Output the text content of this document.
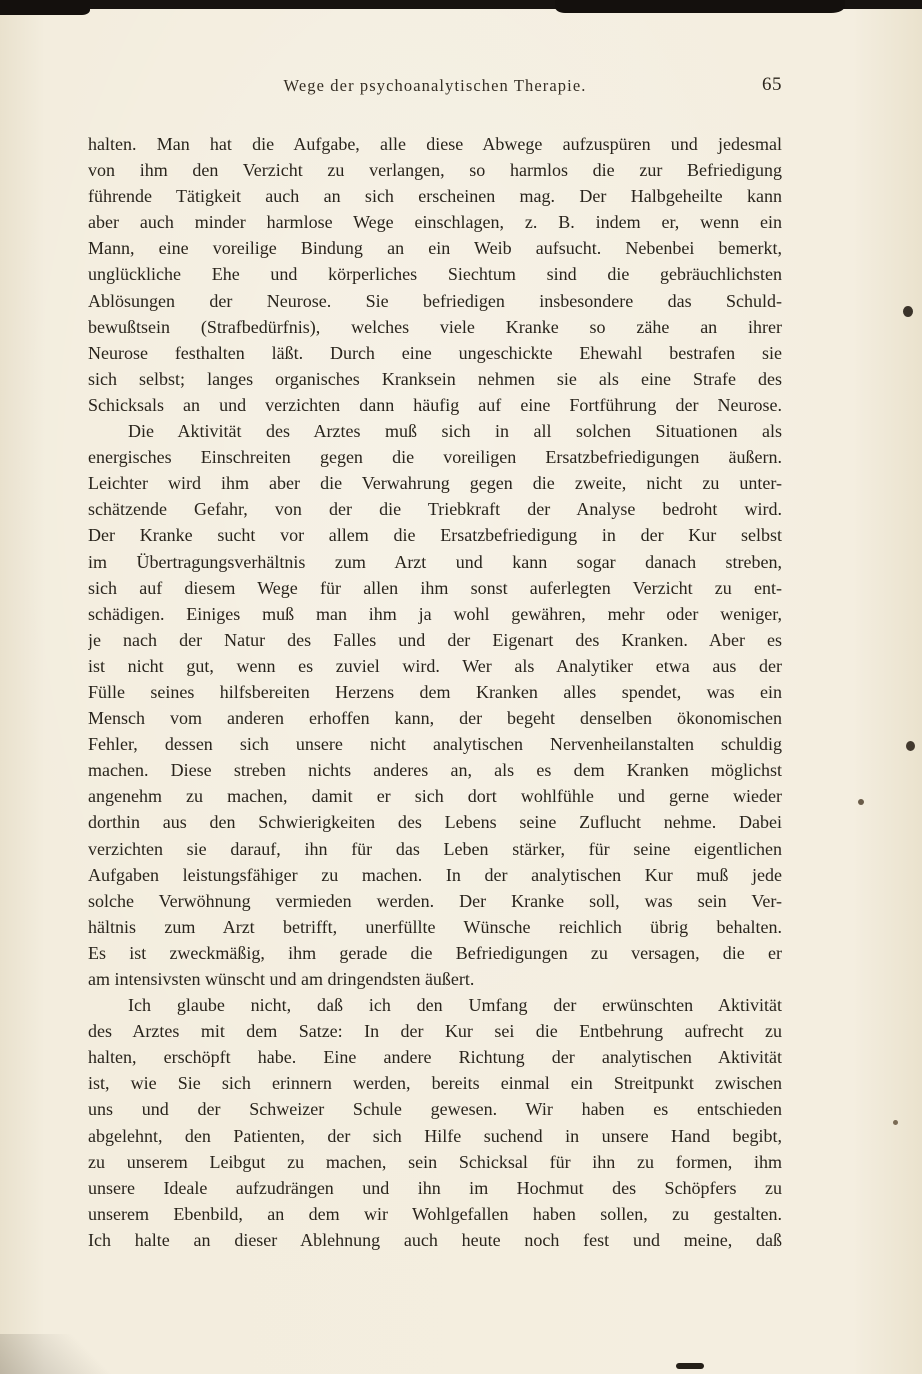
Wege der psychoanalytischen Therapie.	65
halten. Man hat die Aufgabe, alle diese Abwege aufzuspüren und jedesmal
von ihm den Verzicht zu verlangen, so harmlos die zur Befriedigung
führende Tätigkeit auch an sich erscheinen mag. Der Halbgeheilte kann
aber auch minder harmlose Wege einschlagen, z. B. indem er, wenn ein
Mann, eine voreilige Bindung an ein Weib aufsucht. Nebenbei bemerkt,
unglückliche Ehe und körperliches Siechtum sind die gebräuchlichsten
Ablösungen der Neurose. Sie befriedigen insbesondere das Schuld-
bewußtsein (Strafbedürfnis), welches viele Kranke so zähe an ihrer
Neurose festhalten läßt. Durch eine ungeschickte Ehewahl bestrafen sie
sich selbst; langes organisches Kranksein nehmen sie als eine Strafe des
Schicksals an und verzichten dann häufig auf eine Fortführung der Neurose.
Die Aktivität des Arztes muß sich in all solchen Situationen als
energisches Einschreiten gegen die voreiligen Ersatzbefriedigungen äußern.
Leichter wird ihm aber die Verwahrung gegen die zweite, nicht zu unter-
schätzende Gefahr, von der die Triebkraft der Analyse bedroht wird.
Der Kranke sucht vor allem die Ersatzbefriedigung in der Kur selbst
im Übertragungsverhältnis zum Arzt und kann sogar danach streben,
sich auf diesem Wege für allen ihm sonst auferlegten Verzicht zu ent-
schädigen. Einiges muß man ihm ja wohl gewähren, mehr oder weniger,
je nach der Natur des Falles und der Eigenart des Kranken. Aber es
ist nicht gut, wenn es zuviel wird. Wer als Analytiker etwa aus der
Fülle seines hilfsbereiten Herzens dem Kranken alles spendet, was ein
Mensch vom anderen erhoffen kann, der begeht denselben ökonomischen
Fehler, dessen sich unsere nicht analytischen Nervenheilanstalten schuldig
machen. Diese streben nichts anderes an, als es dem Kranken möglichst
angenehm zu machen, damit er sich dort wohlfühle und gerne wieder
dorthin aus den Schwierigkeiten des Lebens seine Zuflucht nehme. Dabei
verzichten sie darauf, ihn für das Leben stärker, für seine eigentlichen
Aufgaben leistungsfähiger zu machen. In der analytischen Kur muß jede
solche Verwöhnung vermieden werden. Der Kranke soll, was sein Ver-
hältnis zum Arzt betrifft, unerfüllte Wünsche reichlich übrig behalten.
Es ist zweckmäßig, ihm gerade die Befriedigungen zu versagen, die er
am intensivsten wünscht und am dringendsten äußert.
Ich glaube nicht, daß ich den Umfang der erwünschten Aktivität
des Arztes mit dem Satze: In der Kur sei die Entbehrung aufrecht zu
halten, erschöpft habe. Eine andere Richtung der analytischen Aktivität
ist, wie Sie sich erinnern werden, bereits einmal ein Streitpunkt zwischen
uns und der Schweizer Schule gewesen. Wir haben es entschieden
abgelehnt, den Patienten, der sich Hilfe suchend in unsere Hand begibt,
zu unserem Leibgut zu machen, sein Schicksal für ihn zu formen, ihm
unsere Ideale aufzudrängen und ihn im Hochmut des Schöpfers zu
unserem Ebenbild, an dem wir Wohlgefallen haben sollen, zu gestalten.
Ich halte an dieser Ablehnung auch heute noch fest und meine, daß
